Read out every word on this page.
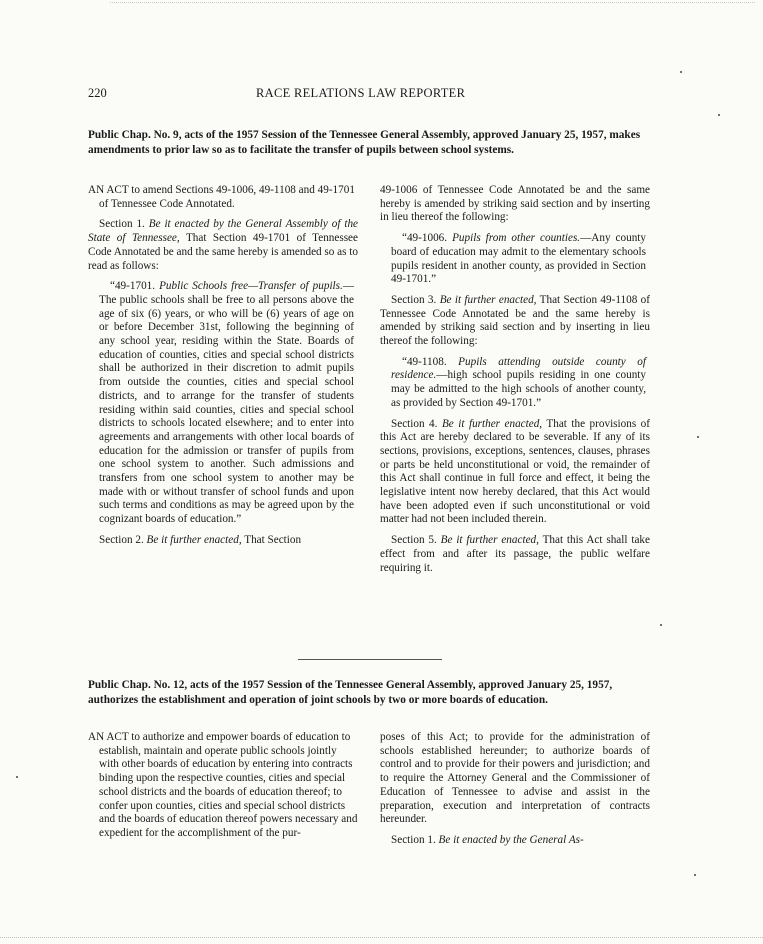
220	RACE RELATIONS LAW REPORTER

Public Chap. No. 9, acts of the 1957 Session of the Tennessee General Assembly, approved January 25, 1957, makes amendments to prior law so as to facilitate the transfer of pupils between school systems.

AN ACT to amend Sections 49-1006, 49-1108 and 49-1701 of Tennessee Code Annotated.

Section 1. Be it enacted by the General Assembly of the State of Tennessee, That Section 49-1701 of Tennessee Code Annotated be and the same hereby is amended so as to read as follows:

“49-1701. Public Schools free—Transfer of pupils.—The public schools shall be free to all persons above the age of six (6) years, or who will be (6) years of age on or before December 31st, following the beginning of any school year, residing within the State. Boards of education of counties, cities and special school districts shall be authorized in their discretion to admit pupils from outside the counties, cities and special school districts, and to arrange for the transfer of students residing within said counties, cities and special school districts to schools located elsewhere; and to enter into agreements and arrangements with other local boards of education for the admission or transfer of pupils from one school system to another. Such admissions and transfers from one school system to another may be made with or without transfer of school funds and upon such terms and conditions as may be agreed upon by the cognizant boards of education.”

Section 2. Be it further enacted, That Section

49-1006 of Tennessee Code Annotated be and the same hereby is amended by striking said section and by inserting in lieu thereof the following:

“49-1006. Pupils from other counties.—Any county board of education may admit to the elementary schools pupils resident in another county, as provided in Section 49-1701.”

Section 3. Be it further enacted, That Section 49-1108 of Tennessee Code Annotated be and the same hereby is amended by striking said section and by inserting in lieu thereof the following:

“49-1108. Pupils attending outside county of residence.—high school pupils residing in one county may be admitted to the high schools of another county, as provided by Section 49-1701.”

Section 4. Be it further enacted, That the provisions of this Act are hereby declared to be severable. If any of its sections, provisions, exceptions, sentences, clauses, phrases or parts be held unconstitutional or void, the remainder of this Act shall continue in full force and effect, it being the legislative intent now hereby declared, that this Act would have been adopted even if such unconstitutional or void matter had not been included therein.

Section 5. Be it further enacted, That this Act shall take effect from and after its passage, the public welfare requiring it.

Public Chap. No. 12, acts of the 1957 Session of the Tennessee General Assembly, approved January 25, 1957, authorizes the establishment and operation of joint schools by two or more boards of education.

AN ACT to authorize and empower boards of education to establish, maintain and operate public schools jointly with other boards of education by entering into contracts binding upon the respective counties, cities and special school districts and the boards of education thereof; to confer upon counties, cities and special school districts and the boards of education thereof powers necessary and expedient for the accomplishment of the pur-

poses of this Act; to provide for the administration of schools established hereunder; to authorize boards of control and to provide for their powers and jurisdiction; and to require the Attorney General and the Commissioner of Education of Tennessee to advise and assist in the preparation, execution and interpretation of contracts hereunder.

Section 1. Be it enacted by the General As-
